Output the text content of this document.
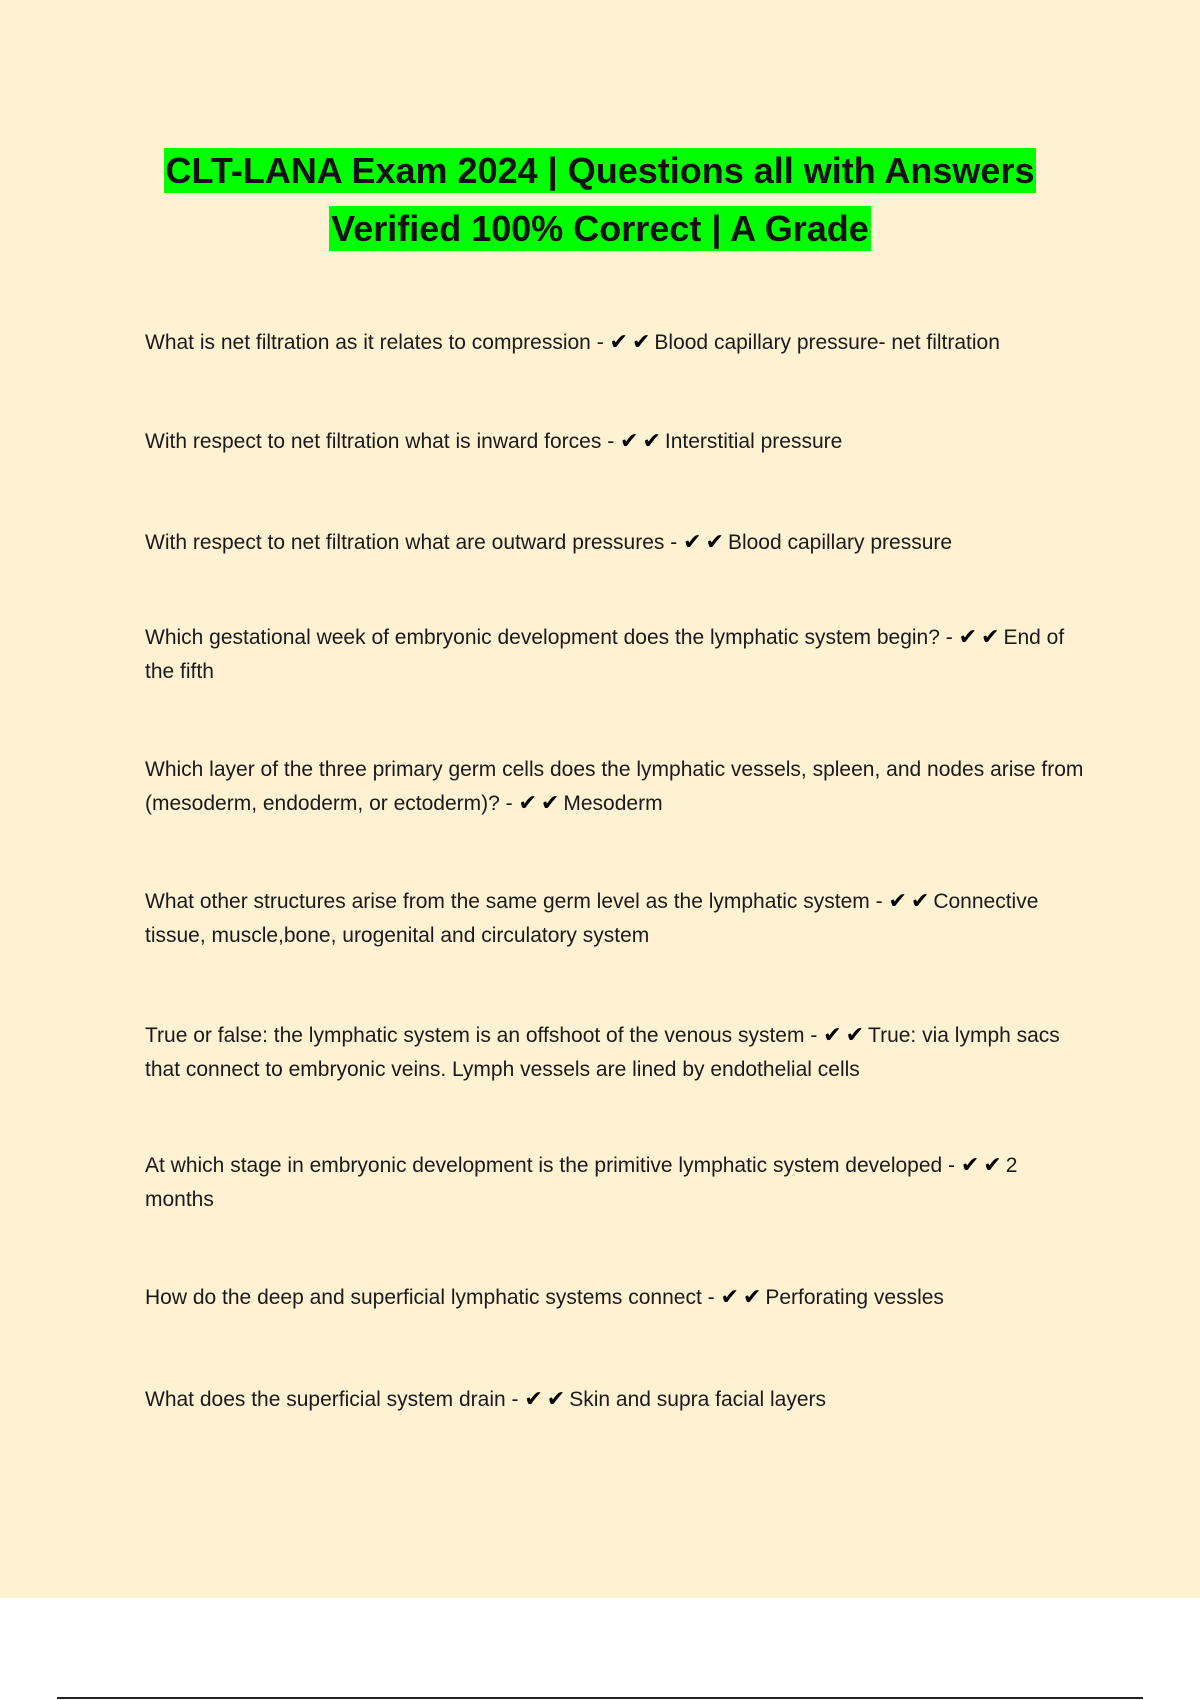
CLT-LANA Exam 2024 | Questions all with Answers
Verified 100% Correct | A Grade

What is net filtration as it relates to compression - ✔✔Blood capillary pressure- net filtration

With respect to net filtration what is inward forces - ✔✔Interstitial pressure

With respect to net filtration what are outward pressures - ✔✔Blood capillary pressure

Which gestational week of embryonic development does the lymphatic system begin? - ✔✔End of the fifth

Which layer of the three primary germ cells does the lymphatic vessels, spleen, and nodes arise from (mesoderm, endoderm, or ectoderm)? - ✔✔Mesoderm

What other structures arise from the same germ level as the lymphatic system - ✔✔Connective tissue, muscle,bone, urogenital and circulatory system

True or false: the lymphatic system is an offshoot of the venous system - ✔✔True: via lymph sacs that connect to embryonic veins. Lymph vessels are lined by endothelial cells

At which stage in embryonic development is the primitive lymphatic system developed - ✔✔2 months

How do the deep and superficial lymphatic systems connect - ✔✔Perforating vessles

What does the superficial system drain - ✔✔Skin and supra facial layers
